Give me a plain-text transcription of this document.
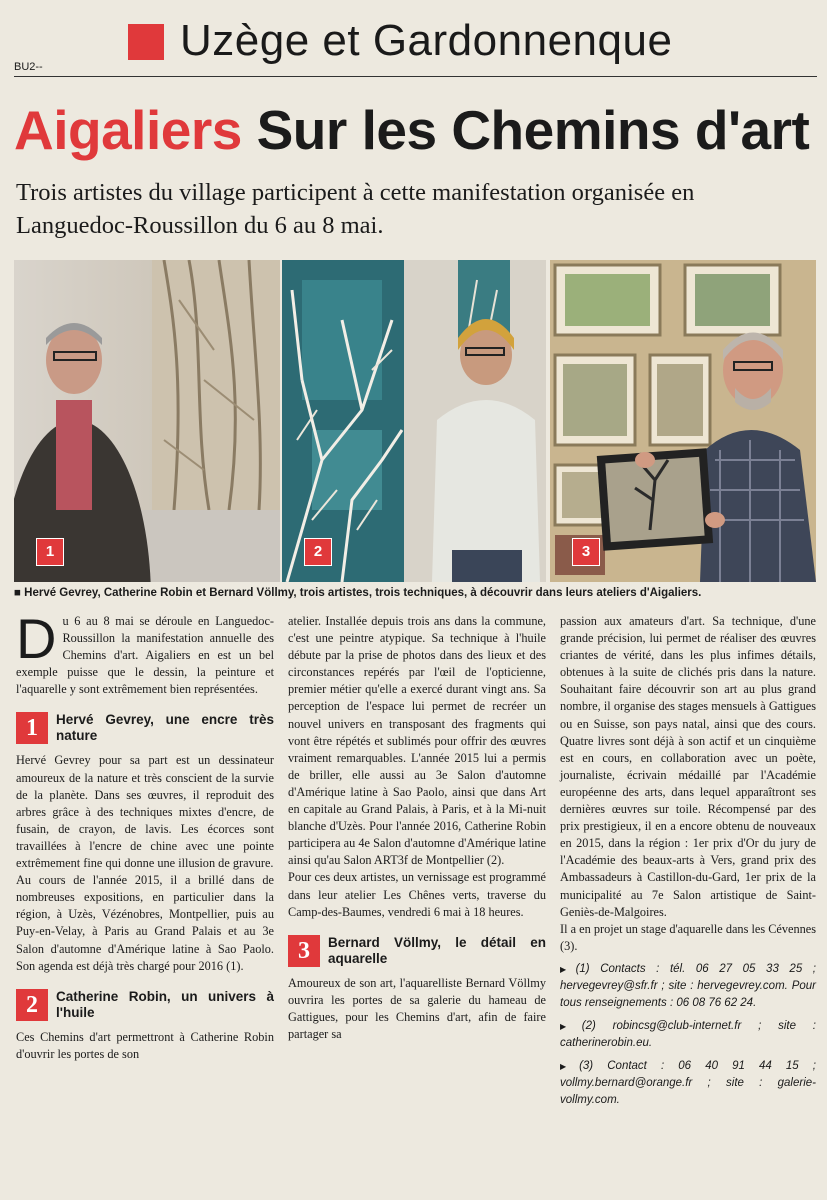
Uzège et Gardonnenque
BU2--
Aigaliers Sur les Chemins d'art
Trois artistes du village participent à cette manifestation organisée en Languedoc-Roussillon du 6 au 8 mai.
1	2	3
■ Hervé Gevrey, Catherine Robin et Bernard Völlmy, trois artistes, trois techniques, à découvrir dans leurs ateliers d'Aigaliers.

Du 6 au 8 mai se déroule en Languedoc-Roussillon la manifestation annuelle des Chemins d'art. Aigaliers en est un bel exemple puisse que le dessin, la peinture et l'aquarelle y sont extrêmement bien représentées.

1	Hervé Gevrey, une encre très nature

Hervé Gevrey pour sa part est un dessinateur amoureux de la nature et très conscient de la survie de la planète. Dans ses œuvres, il reproduit des arbres grâce à des techniques mixtes d'encre, de fusain, de crayon, de lavis. Les écorces sont travaillées à l'encre de chine avec une pointe extrêmement fine qui donne une illusion de gravure.

Au cours de l'année 2015, il a brillé dans de nombreuses expositions, en particulier dans la région, à Uzès, Vézénobres, Montpellier, puis au Puy-en-Velay, à Paris au Grand Palais et au 3e Salon d'automne d'Amérique latine à Sao Paolo. Son agenda est déjà très chargé pour 2016 (1).

2	Catherine Robin, un univers à l'huile

Ces Chemins d'art permettront à Catherine Robin d'ouvrir les portes de son

atelier. Installée depuis trois ans dans la commune, c'est une peintre atypique. Sa technique à l'huile débute par la prise de photos dans des lieux et des circonstances repérés par l'œil de l'opticienne, premier métier qu'elle a exercé durant vingt ans. Sa perception de l'espace lui permet de recréer un nouvel univers en transposant des fragments qui vont être répétés et sublimés pour offrir des œuvres vraiment remarquables. L'année 2015 lui a permis de briller, elle aussi au 3e Salon d'automne d'Amérique latine à Sao Paolo, ainsi que dans Art en capitale au Grand Palais, à Paris, et à la Mi-nuit blanche d'Uzès. Pour l'année 2016, Catherine Robin participera au 4e Salon d'automne d'Amérique latine ainsi qu'au Salon ART3f de Montpellier (2).

Pour ces deux artistes, un vernissage est programmé dans leur atelier Les Chênes verts, traverse du Camp-des-Baumes, vendredi 6 mai à 18 heures.

3	Bernard Völlmy, le détail en aquarelle

Amoureux de son art, l'aquarelliste Bernard Völlmy ouvrira les portes de sa galerie du hameau de Gattigues, pour les Chemins d'art, afin de faire partager sa

passion aux amateurs d'art. Sa technique, d'une grande précision, lui permet de réaliser des œuvres criantes de vérité, dans les plus infimes détails, obtenues à la suite de clichés pris dans la nature. Souhaitant faire découvrir son art au plus grand nombre, il organise des stages mensuels à Gattigues ou en Suisse, son pays natal, ainsi que des cours. Quatre livres sont déjà à son actif et un cinquième est en cours, en collaboration avec un poète, journaliste, écrivain médaillé par l'Académie européenne des arts, dans lequel apparaîtront ses dernières œuvres sur toile. Récompensé par des prix prestigieux, il en a encore obtenu de nouveaux en 2015, dans la région : 1er prix d'Or du jury de l'Académie des beaux-arts à Vers, grand prix des Ambassadeurs à Castillon-du-Gard, 1er prix de la municipalité au 7e Salon artistique de Saint-Geniès-de-Malgoires.

Il a en projet un stage d'aquarelle dans les Cévennes (3).

▶ (1) Contacts : tél. 06 27 05 33 25 ; hervegevrey@sfr.fr ; site : hervegevrey.com. Pour tous renseignements : 06 08 76 62 24.
▶ (2) robincsg@club-internet.fr ; site : catherinerobin.eu.
▶ (3) Contact : 06 40 91 44 15 ; vollmy.bernard@orange.fr ; site : galerie-vollmy.com.
